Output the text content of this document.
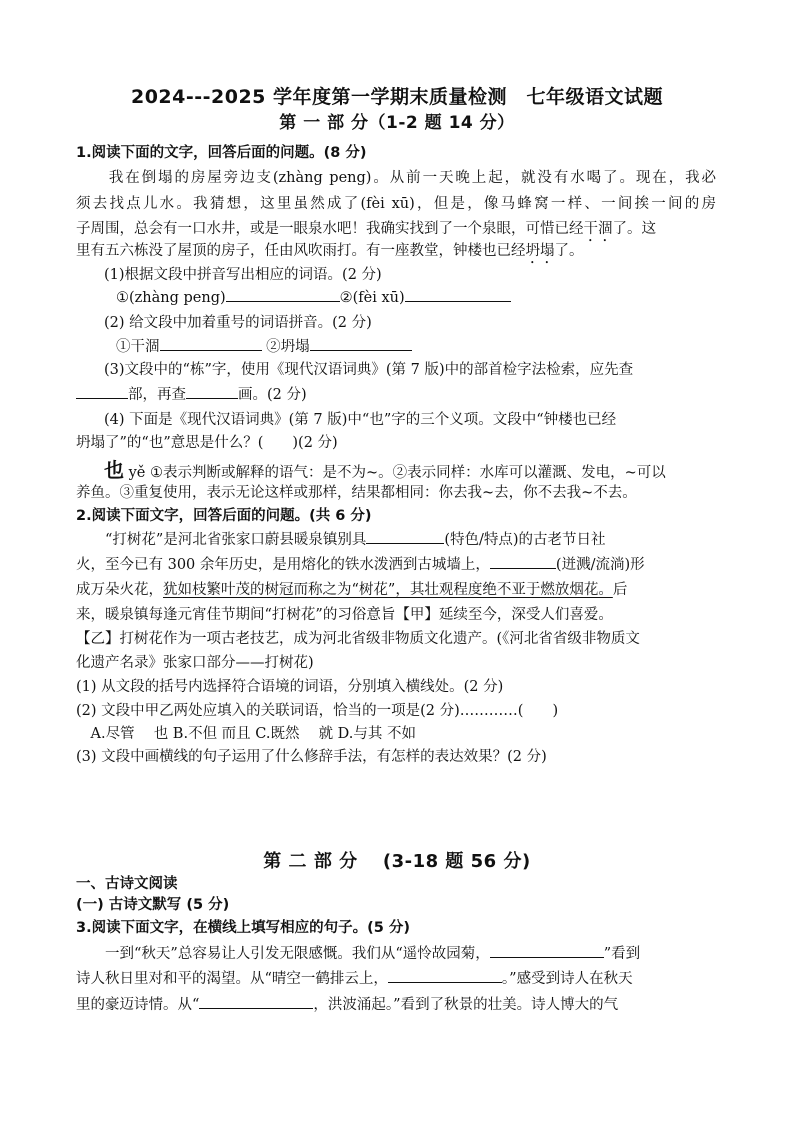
2024---2025 学年度第一学期末质量检测　七年级语文试题
第 一 部 分（1-2 题 14 分）
1.阅读下面的文字，回答后面的问题。(8 分)
　　我在倒塌的房屋旁边支(zhàng peng)。从前一天晚上起，就没有水喝了。现在，我必
须去找点儿水。我猜想，这里虽然成了(fèi xū)，但是，像马蜂窝一样、一间挨一间的房
子周围，总会有一口水井，或是一眼泉水吧！我确实找到了一个泉眼，可惜已经干涸了。这
里有五六栋没了屋顶的房子，任由风吹雨打。有一座教堂，钟楼也已经坍塌了。
(1)根据文段中拼音写出相应的词语。(2 分)
①(zhàng peng)	②(fèi xū)
(2) 给文段中加着重号的词语拼音。(2 分)
①干涸	②坍塌
(3)文段中的“栋”字，使用《现代汉语词典》(第 7 版)中的部首检字法检索，应先查
部，再查	画。(2 分)
(4) 下面是《现代汉语词典》(第 7 版)中“也”字的三个义项。文段中“钟楼也已经
坍塌了”的“也”意思是什么？(　　)(2 分)
也 yě ①表示判断或解释的语气：是不为~。②表示同样：水库可以灌溉、发电，~可以
养鱼。③重复使用，表示无论这样或那样，结果都相同：你去我~去，你不去我~不去。
2.阅读下面文字，回答后面的问题。(共 6 分)
　　“打树花”是河北省张家口蔚县暖泉镇别具	(特色/特点)的古老节日社
火，至今已有 300 余年历史，是用熔化的铁水泼洒到古城墙上，	(迸溅/流淌)形
成万朵火花，犹如枝繁叶茂的树冠而称之为“树花”，其壮观程度绝不亚于燃放烟花。后
来，暖泉镇每逢元宵佳节期间“打树花”的习俗意旨【甲】延续至今，深受人们喜爱。
【乙】打树花作为一项古老技艺，成为河北省级非物质文化遗产。(《河北省省级非物质文
化遗产名录》张家口部分——打树花)
(1) 从文段的括号内选择符合语境的词语，分别填入横线处。(2 分)
(2) 文段中甲乙两处应填入的关联词语，恰当的一项是(2 分)…………(　　)
　A.尽管　 也 B.不但 而且 C.既然　 就 D.与其 不如
(3) 文段中画横线的句子运用了什么修辞手法，有怎样的表达效果？(2 分)
第 二 部 分　 (3-18 题 56 分)
一、古诗文阅读
(一) 古诗文默写 (5 分)
3.阅读下面文字，在横线上填写相应的句子。(5 分)
　　一到“秋天”总容易让人引发无限感慨。我们从“遥怜故园菊，	”看到
诗人秋日里对和平的渴望。从“晴空一鹤排云上，	。”感受到诗人在秋天
里的豪迈诗情。从“	，洪波涌起。”看到了秋景的壮美。诗人博大的气
